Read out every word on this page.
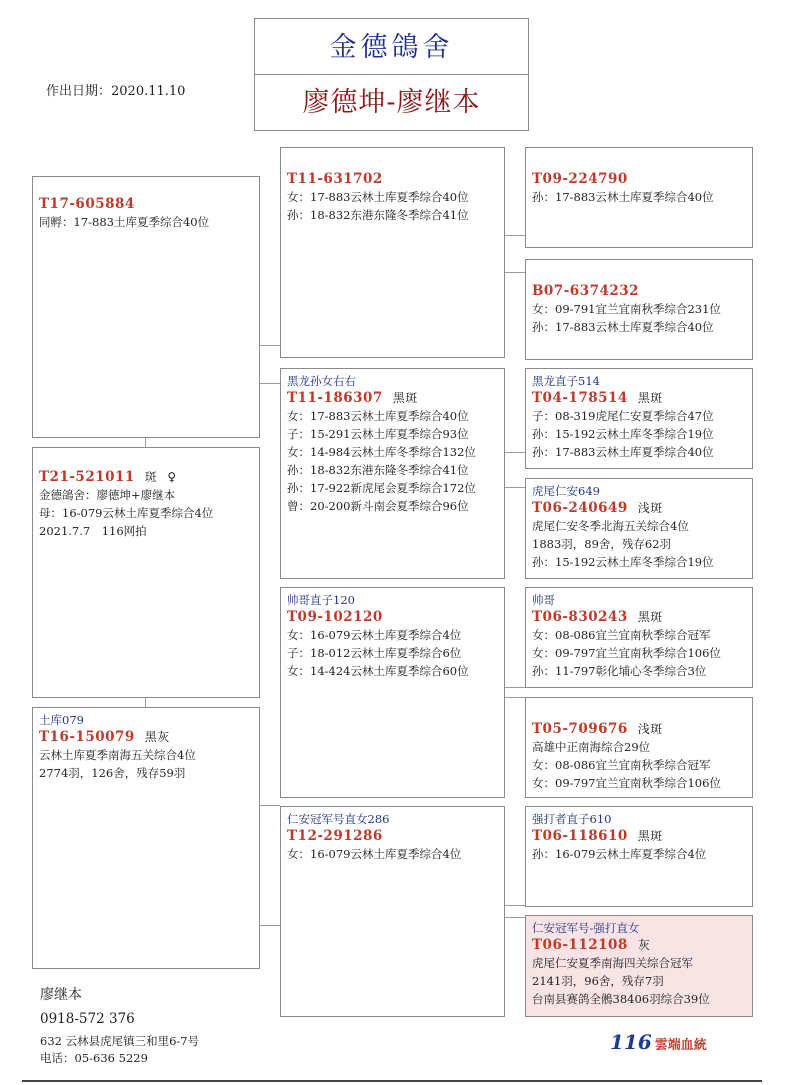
金德鴿舍
廖德坤-廖继本
作出日期：2020.11.10
T17-605884
同孵：17-883土库夏季综合40位
T21-521011 斑 ♀
金德鴿舍：廖德坤+廖继本
母：16-079云林土库夏季综合4位
2021.7.7　116网拍
土库079
T16-150079 黑灰
云林土库夏季南海五关综合4位
2774羽，126舍，残存59羽
T11-631702
女：17-883云林土库夏季综合40位
孙：18-832东港东隆冬季综合41位
黑龙孙女右右
T11-186307 黑斑
女：17-883云林土库夏季综合40位
子：15-291云林土库夏季综合93位
女：14-984云林土库冬季综合132位
孙：18-832东港东隆冬季综合41位
孙：17-922新虎尾会夏季综合172位
曾：20-200新斗南会夏季综合96位
帅哥直子120
T09-102120
女：16-079云林土库夏季综合4位
子：18-012云林土库夏季综合6位
女：14-424云林土库夏季综合60位
仁安冠军号直女286
T12-291286
女：16-079云林土库夏季综合4位
T09-224790
孙：17-883云林土库夏季综合40位
B07-6374232
女：09-791宜兰宜南秋季综合231位
孙：17-883云林土库夏季综合40位
黑龙直子514
T04-178514 黑斑
子：08-319虎尾仁安夏季综合47位
孙：15-192云林土库冬季综合19位
孙：17-883云林土库夏季综合40位
虎尾仁安649
T06-240649 浅斑
虎尾仁安冬季北海五关综合4位
1883羽，89舍，残存62羽
孙：15-192云林土库冬季综合19位
帅哥
T06-830243 黑斑
女：08-086宜兰宜南秋季综合冠军
女：09-797宜兰宜南秋季综合106位
孙：11-797彰化埔心冬季综合3位
T05-709676 浅斑
高雄中正南海综合29位
女：08-086宜兰宜南秋季综合冠军
女：09-797宜兰宜南秋季综合106位
强打者直子610
T06-118610 黑斑
孙：16-079云林土库夏季综合4位
仁安冠军号-强打直女
T06-112108 灰
虎尾仁安夏季南海四关综合冠军
2141羽，96舍，残存7羽
台南县赛鸽全鵂38406羽综合39位
廖继本
0918-572 376
632 云林县虎尾镇三和里6-7号
电话：05-636 5229
116 雲端血統
